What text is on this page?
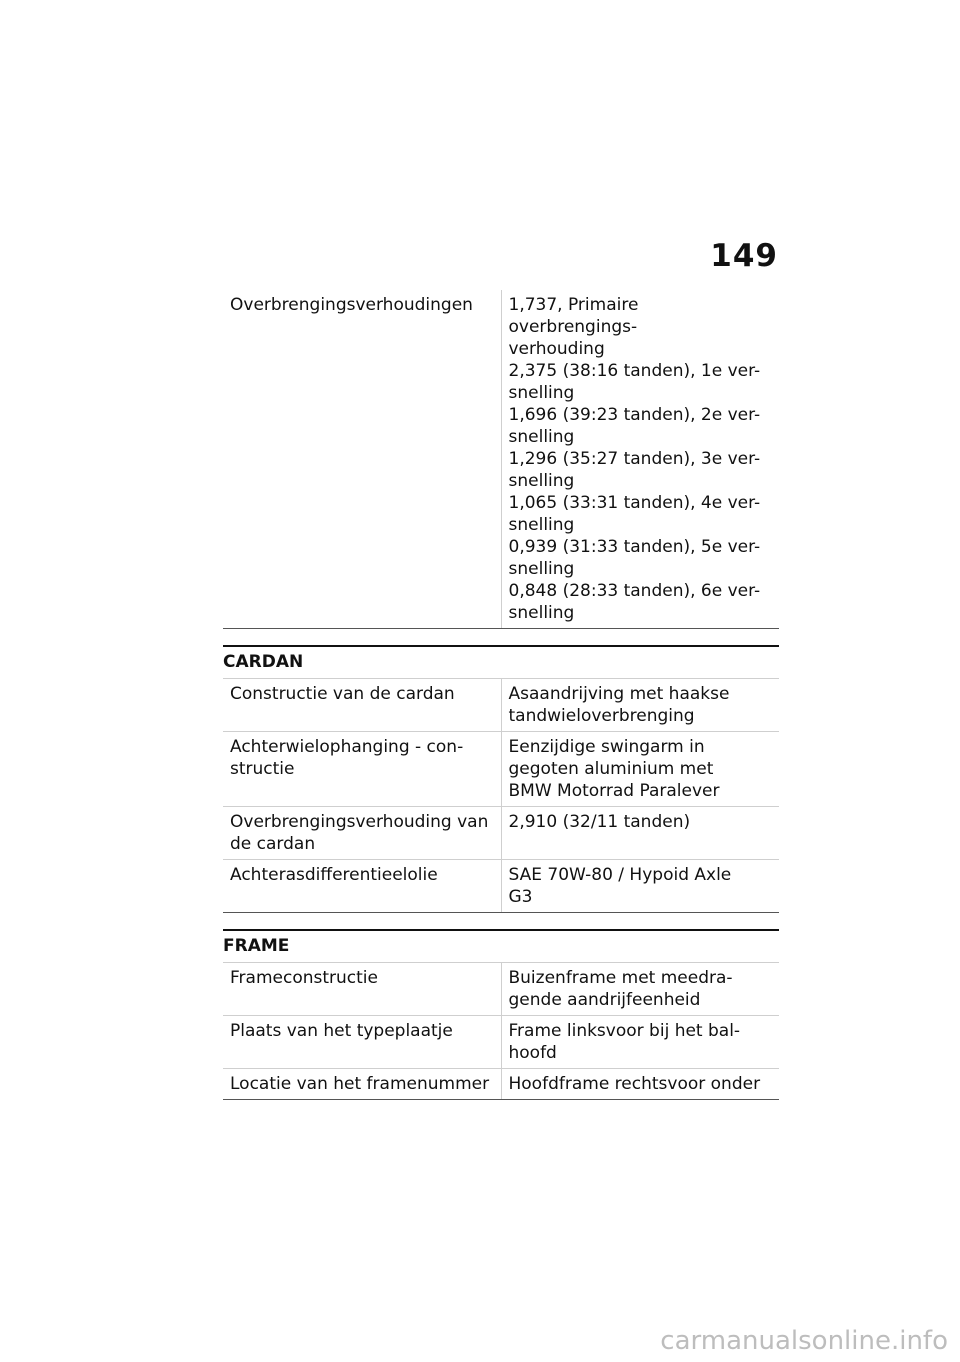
149
Overbrengingsverhoudingen	1,737, Primaire overbrengings-
verhouding
2,375 (38:16 tanden), 1e ver-
snelling
1,696 (39:23 tanden), 2e ver-
snelling
1,296 (35:27 tanden), 3e ver-
snelling
1,065 (33:31 tanden), 4e ver-
snelling
0,939 (31:33 tanden), 5e ver-
snelling
0,848 (28:33 tanden), 6e ver-
snelling
CARDAN
Constructie van de cardan	Asaandrijving met haakse
tandwieloverbrenging

Achterwielophanging - con-
structie	Eenzijdige swingarm in
gegoten aluminium met
BMW Motorrad Paralever

Overbrengingsverhouding van
de cardan	2,910 (32/11 tanden)

Achterasdifferentieelolie	SAE 70W-80 / Hypoid Axle
G3
FRAME
Frameconstructie	Buizenframe met meedra-
gende aandrijfeenheid

Plaats van het typeplaatje	Frame linksvoor bij het bal-
hoofd

Locatie van het framenummer	Hoofdframe rechtsvoor onder
carmanualsonline.info
